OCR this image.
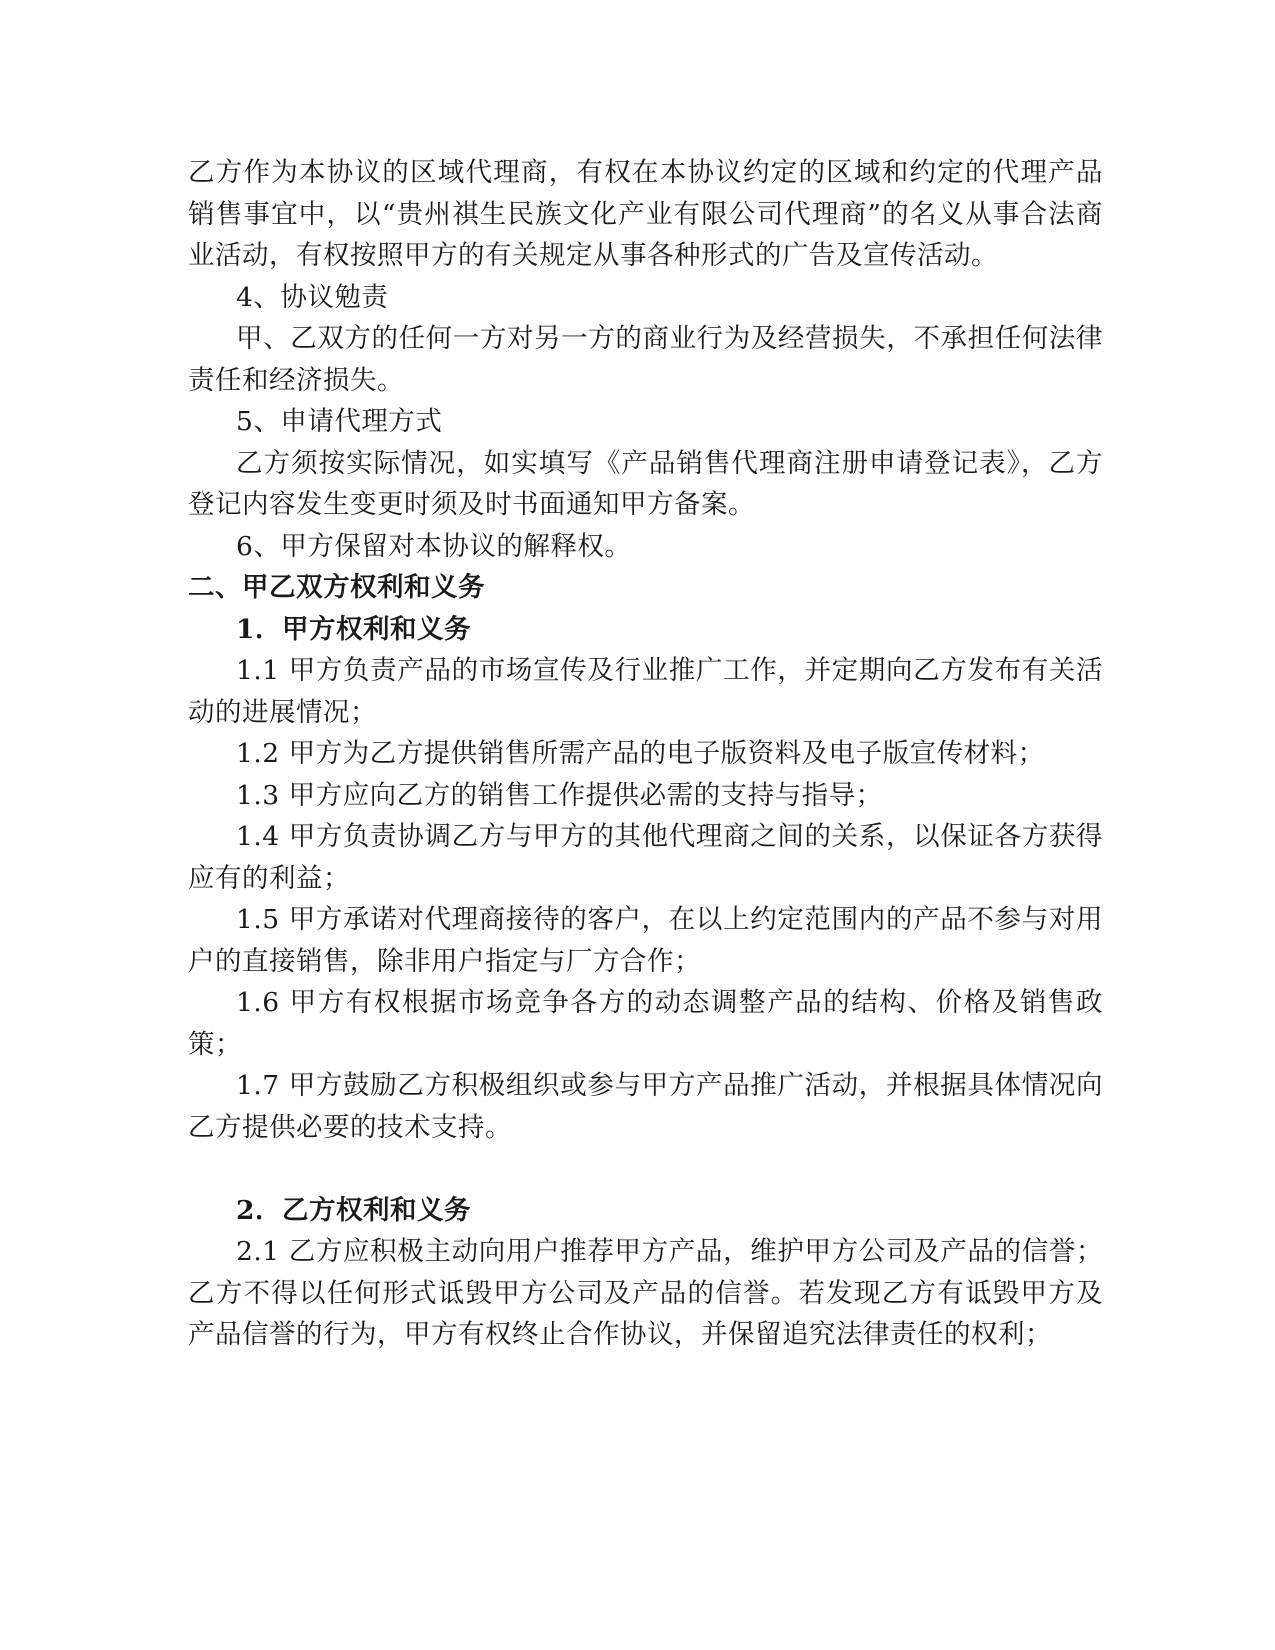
乙方作为本协议的区域代理商，有权在本协议约定的区域和约定的代理产品销售事宜中，以“贵州祺生民族文化产业有限公司代理商”的名义从事合法商业活动，有权按照甲方的有关规定从事各种形式的广告及宣传活动。

4、协议勉责

甲、乙双方的任何一方对另一方的商业行为及经营损失，不承担任何法律责任和经济损失。

5、申请代理方式

乙方须按实际情况，如实填写《产品销售代理商注册申请登记表》，乙方登记内容发生变更时须及时书面通知甲方备案。

6、甲方保留对本协议的解释权。

二、甲乙双方权利和义务

1．甲方权利和义务

1.1 甲方负责产品的市场宣传及行业推广工作，并定期向乙方发布有关活动的进展情况；

1.2 甲方为乙方提供销售所需产品的电子版资料及电子版宣传材料；

1.3 甲方应向乙方的销售工作提供必需的支持与指导；

1.4 甲方负责协调乙方与甲方的其他代理商之间的关系，以保证各方获得应有的利益；

1.5 甲方承诺对代理商接待的客户，在以上约定范围内的产品不参与对用户的直接销售，除非用户指定与厂方合作；

1.6 甲方有权根据市场竞争各方的动态调整产品的结构、价格及销售政策；

1.7 甲方鼓励乙方积极组织或参与甲方产品推广活动，并根据具体情况向乙方提供必要的技术支持。

2．乙方权利和义务

2.1 乙方应积极主动向用户推荐甲方产品，维护甲方公司及产品的信誉；乙方不得以任何形式诋毁甲方公司及产品的信誉。若发现乙方有诋毁甲方及产品信誉的行为，甲方有权终止合作协议，并保留追究法律责任的权利；
